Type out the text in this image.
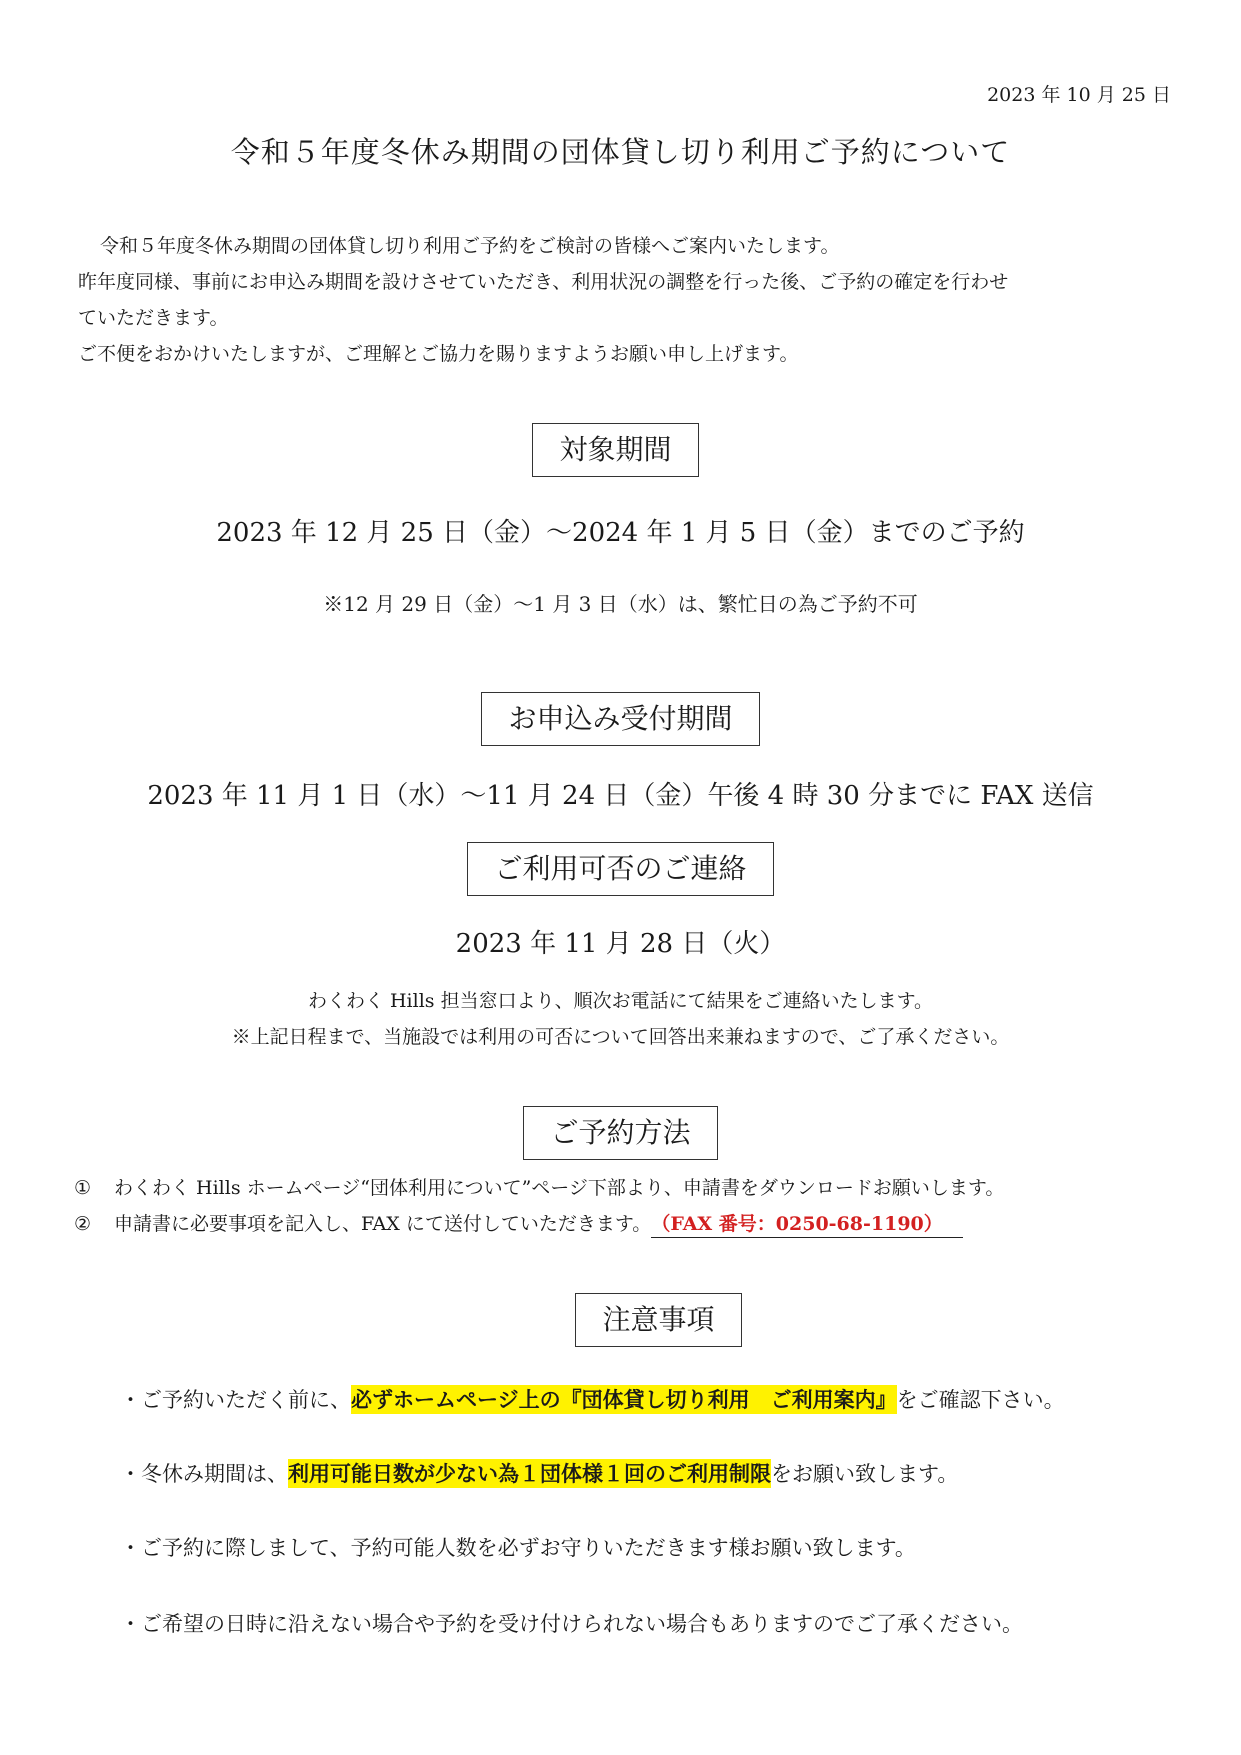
2023 年 10 月 25 日
令和５年度冬休み期間の団体貸し切り利用ご予約について
令和５年度冬休み期間の団体貸し切り利用ご予約をご検討の皆様へご案内いたします。
昨年度同様、事前にお申込み期間を設けさせていただき、利用状況の調整を行った後、ご予約の確定を行わせ
ていただきます。
ご不便をおかけいたしますが、ご理解とご協力を賜りますようお願い申し上げます。
対象期間
2023 年 12 月 25 日（金）〜2024 年 1 月 5 日（金）までのご予約
※12 月 29 日（金）〜1 月 3 日（水）は、繁忙日の為ご予約不可
お申込み受付期間
2023 年 11 月 1 日（水）〜11 月 24 日（金）午後 4 時 30 分までに FAX 送信
ご利用可否のご連絡
2023 年 11 月 28 日（火）
わくわく Hills 担当窓口より、順次お電話にて結果をご連絡いたします。
※上記日程まで、当施設では利用の可否について回答出来兼ねますので、ご了承ください。
ご予約方法
① わくわく Hills ホームページ“団体利用について”ページ下部より、申請書をダウンロードお願いします。
② 申請書に必要事項を記入し、FAX にて送付していただきます。（FAX 番号：0250-68-1190）
注意事項
・ご予約いただく前に、必ずホームページ上の『団体貸し切り利用　ご利用案内』をご確認下さい。
・冬休み期間は、利用可能日数が少ない為１団体様１回のご利用制限をお願い致します。
・ご予約に際しまして、予約可能人数を必ずお守りいただきます様お願い致します。
・ご希望の日時に沿えない場合や予約を受け付けられない場合もありますのでご了承ください。
